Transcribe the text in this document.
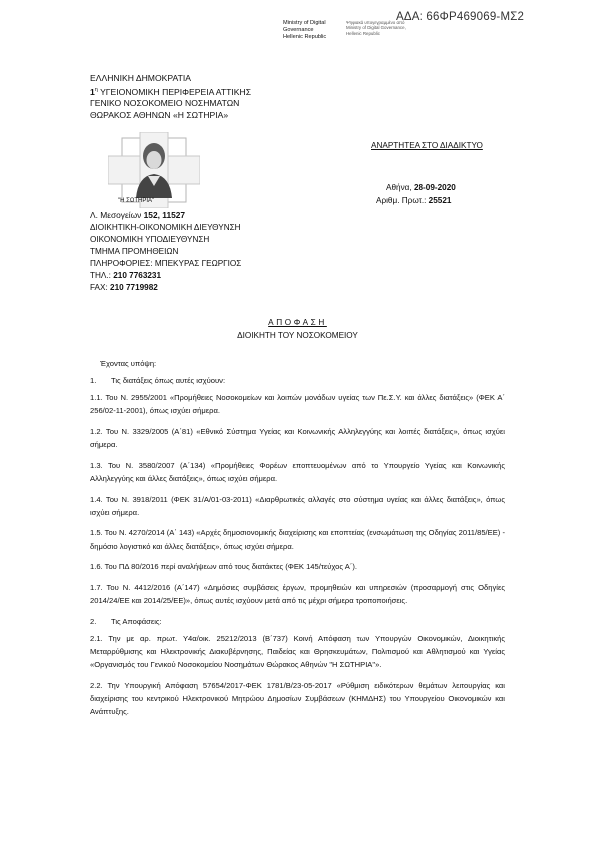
ΑΔΑ: 66ΦΡ469069-ΜΣ2
Ministry of Digital
Governance
Hellenic Republic
Ψηφιακά υπογεγραμμένο από Ministry of Digital Governance, Hellenic Republic
ΕΛΛΗΝΙΚΗ ΔΗΜΟΚΡΑΤΙΑ
$1^\eta$ ΥΓΕΙΟΝΟΜΙΚΗ ΠΕΡΙΦΕΡΕΙΑ ΑΤΤΙΚΗΣ
ΓΕΝΙΚΟ ΝΟΣΟΚΟΜΕΙΟ ΝΟΣΗΜΑΤΩΝ
ΘΩΡΑΚΟΣ ΑΘΗΝΩΝ «Η ΣΩΤΗΡΙΑ»
"Η ΣΩΤΗΡΙΑ"
ΑΝΑΡΤΗΤΕΑ ΣΤΟ ΔΙΑΔΙΚΤΥΟ
Αθήνα, 28-09-2020
Αριθμ. Πρωτ.: 25521
Λ. Μεσογείων 152, 11527
ΔΙΟΙΚΗΤΙΚΗ-ΟΙΚΟΝΟΜΙΚΗ ΔΙΕΥΘΥΝΣΗ
ΟΙΚΟΝΟΜΙΚΗ ΥΠΟΔΙΕΥΘΥΝΣΗ
ΤΜΗΜΑ ΠΡΟΜΗΘΕΙΩΝ
ΠΛΗΡΟΦΟΡΙΕΣ: ΜΠΕΚΥΡΑΣ ΓΕΩΡΓΙΟΣ
ΤΗΛ.: 210 7763231
FAX: 210 7719982
ΑΠΟΦΑΣΗ
ΔΙΟΙΚΗΤΗ ΤΟΥ ΝΟΣΟΚΟΜΕΙΟΥ

Έχοντας υπόψη:

1. Τις διατάξεις όπως αυτές ισχύουν:

1.1. Του Ν. 2955/2001 «Προμήθειες Νοσοκομείων και λοιπών μονάδων υγείας των Πε.Σ.Υ. και άλλες διατάξεις» (ΦΕΚ Α΄ 256/02-11-2001), όπως ισχύει σήμερα.

1.2. Του Ν. 3329/2005 (Α΄81) «Εθνικό Σύστημα Υγείας και Κοινωνικής Αλληλεγγύης και λοιπές διατάξεις», όπως ισχύει σήμερα.

1.3. Του Ν. 3580/2007 (Α΄134) «Προμήθειες Φορέων εποπτευομένων από το Υπουργείο Υγείας και Κοινωνικής Αλληλεγγύης και άλλες διατάξεις», όπως ισχύει σήμερα.

1.4. Του Ν. 3918/2011 (ΦΕΚ 31/Α/01-03-2011) «Διαρθρωτικές αλλαγές στο σύστημα υγείας και άλλες διατάξεις», όπως ισχύει σήμερα.

1.5. Του Ν. 4270/2014 (Α΄ 143) «Αρχές δημοσιονομικής διαχείρισης και εποπτείας (ενσωμάτωση της Οδηγίας 2011/85/ΕΕ) - δημόσιο λογιστικό και άλλες διατάξεις», όπως ισχύει σήμερα.

1.6. Του ΠΔ 80/2016 περί αναλήψεων από τους διατάκτες (ΦΕΚ 145/τεύχος Α΄).

1.7. Του Ν. 4412/2016 (Α΄147) «Δημόσιες συμβάσεις έργων, προμηθειών και υπηρεσιών (προσαρμογή στις Οδηγίες 2014/24/ΕΕ και 2014/25/ΕΕ)», όπως αυτές ισχύουν μετά από τις μέχρι σήμερα τροποποιήσεις.

2. Τις Αποφάσεις:

2.1. Την με αρ. πρωτ. Υ4α/οικ. 25212/2013 (Β΄737) Κοινή Απόφαση των Υπουργών Οικονομικών, Διοικητικής Μεταρρύθμισης και Ηλεκτρονικής Διακυβέρνησης, Παιδείας και Θρησκευμάτων, Πολιτισμού και Αθλητισμού και Υγείας «Οργανισμός του Γενικού Νοσοκομείου Νοσημάτων Θώρακος Αθηνών "Η ΣΩΤΗΡΙΑ"».

2.2. Την Υπουργική Απόφαση 57654/2017-ΦΕΚ 1781/Β/23-05-2017 «Ρύθμιση ειδικότερων θεμάτων λειτουργίας και διαχείρισης του κεντρικού Ηλεκτρονικού Μητρώου Δημοσίων Συμβάσεων (ΚΗΜΔΗΣ) του Υπουργείου Οικονομικών και Ανάπτυξης.
